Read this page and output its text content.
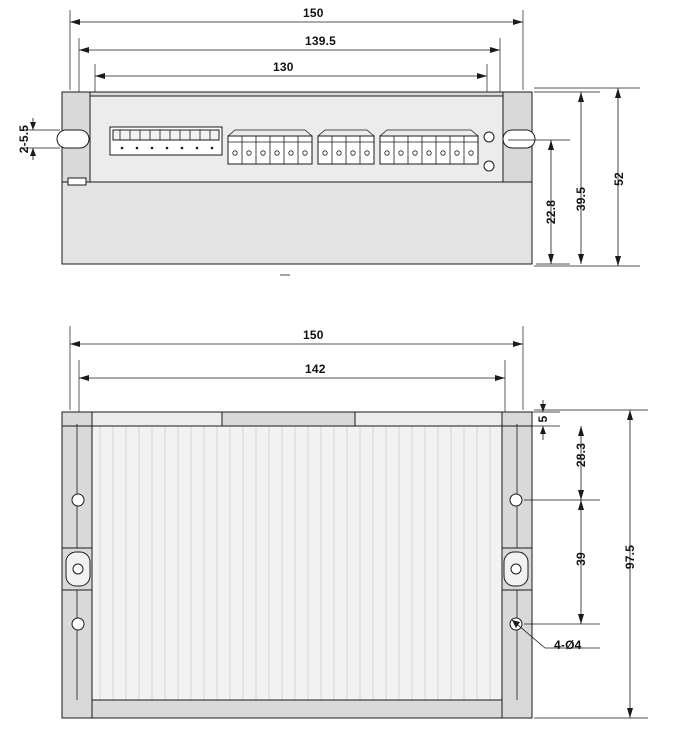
150
139.5
130
2-5.5
22.8
39.5
52
150
142
5
28.3
39	97.5
4-Ø4
